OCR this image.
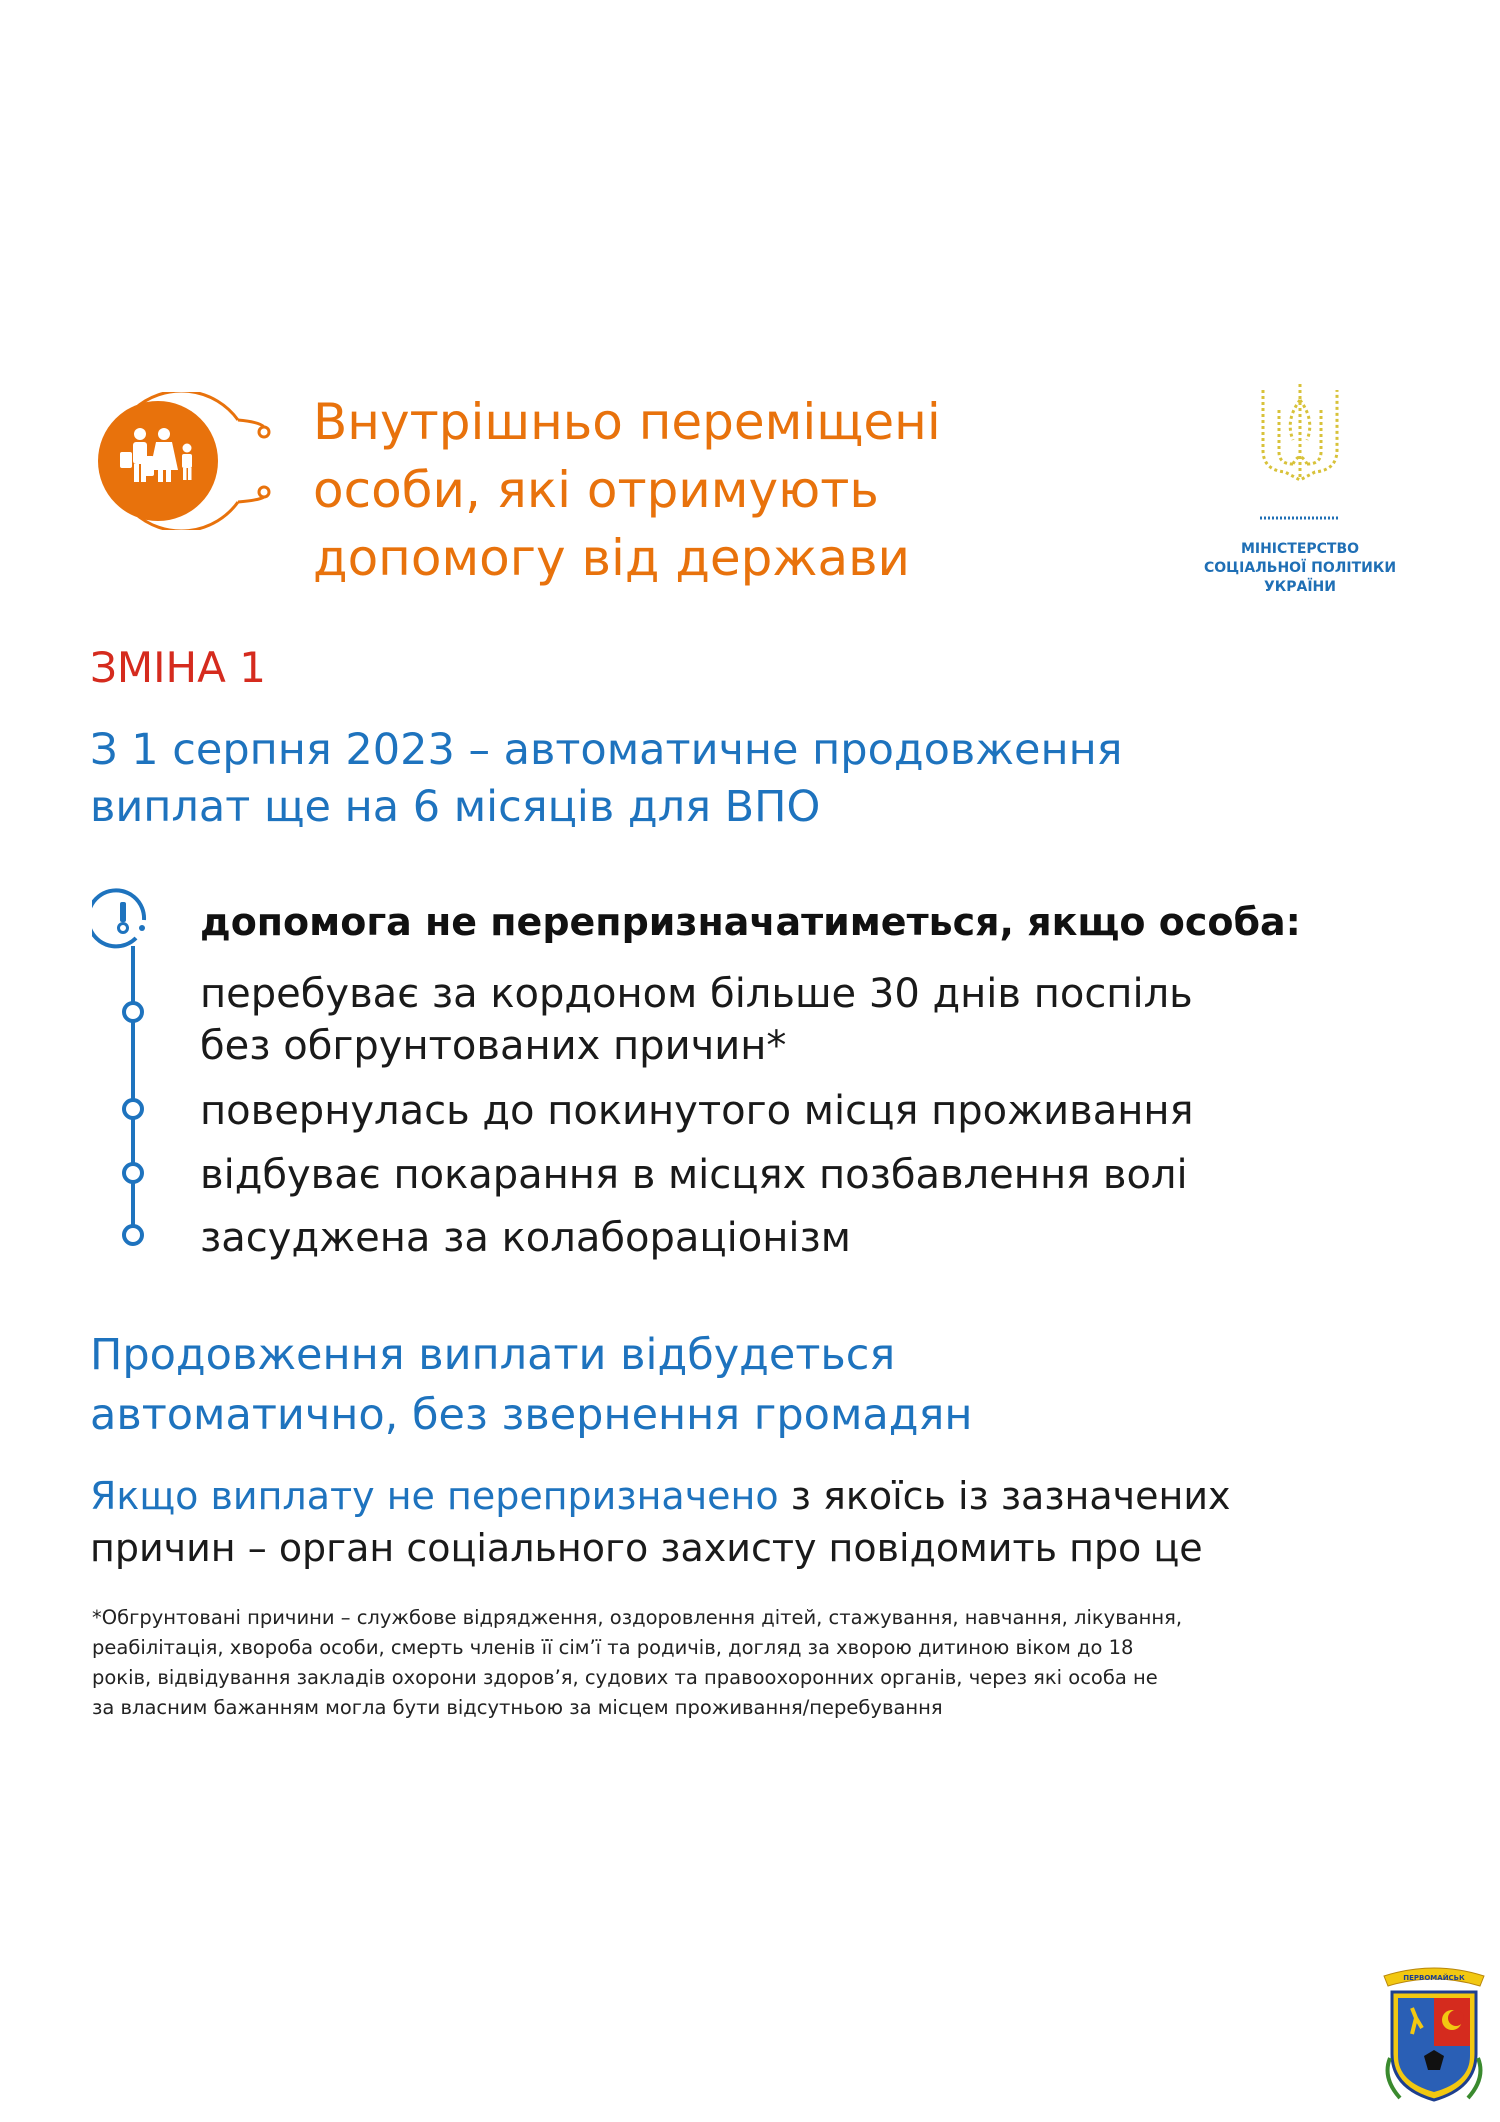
Внутрішньо переміщені
особи, які отримують
допомогу від держави	МІНІСТЕРСТВО
СОЦІАЛЬНОЇ ПОЛІТИКИ
УКРАЇНИ
ЗМІНА 1
З 1 серпня 2023 – автоматичне продовження
виплат ще на 6 місяців для ВПО
допомога не перепризначатиметься, якщо особа:
перебуває за кордоном більше 30 днів поспіль
без обгрунтованих причин*
повернулась до покинутого місця проживання
відбуває покарання в місцях позбавлення волі
засуджена за колабораціонізм
Продовження виплати відбудеться
автоматично, без звернення громадян

Якщо виплату не перепризначено з якоїсь із зазначених
причин – орган соціального захисту повідомить про це

*Обгрунтовані причини – службове відрядження, оздоровлення дітей, стажування, навчання, лікування,
реабілітація, хвороба особи, смерть членів її сім’ї та родичів, догляд за хворою дитиною віком до 18
років, відвідування закладів охорони здоров’я, судових та правоохоронних органів, через які особа не
за власним бажанням могла бути відсутньою за місцем проживання/перебування

ПЕРВОМАЙСЬК
